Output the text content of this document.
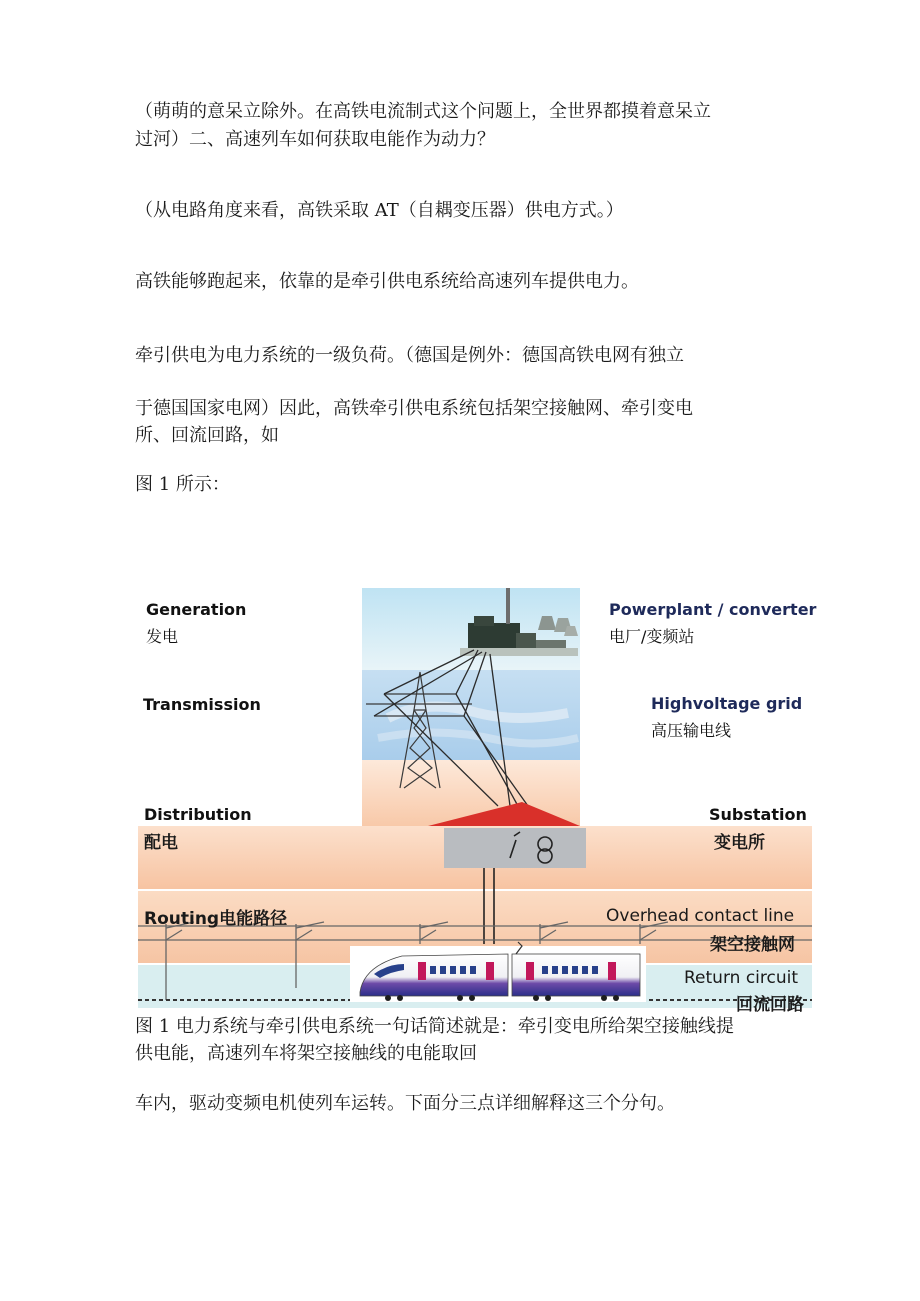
（萌萌的意呆立除外。在高铁电流制式这个问题上，全世界都摸着意呆立
过河）二、高速列车如何获取电能作为动力？
（从电路角度来看，高铁采取 AT（自耦变压器）供电方式。）
高铁能够跑起来，依靠的是牵引供电系统给高速列车提供电力。
牵引供电为电力系统的一级负荷。（德国是例外：德国高铁电网有独立
于德国国家电网）因此，高铁牵引供电系统包括架空接触网、牵引变电
所、回流回路，如
图 1 所示：
Generation
发电
Powerplant / converter
电厂/变频站
Transmission	Highvoltage grid
高压输电线
Distribution
配电
Substation
变电所
Routing电能路径	Overhead contact line
架空接触网
Return circuit
回流回路
图 1 电力系统与牵引供电系统一句话简述就是：牵引变电所给架空接触线提
供电能，高速列车将架空接触线的电能取回
车内，驱动变频电机使列车运转。下面分三点详细解释这三个分句。
